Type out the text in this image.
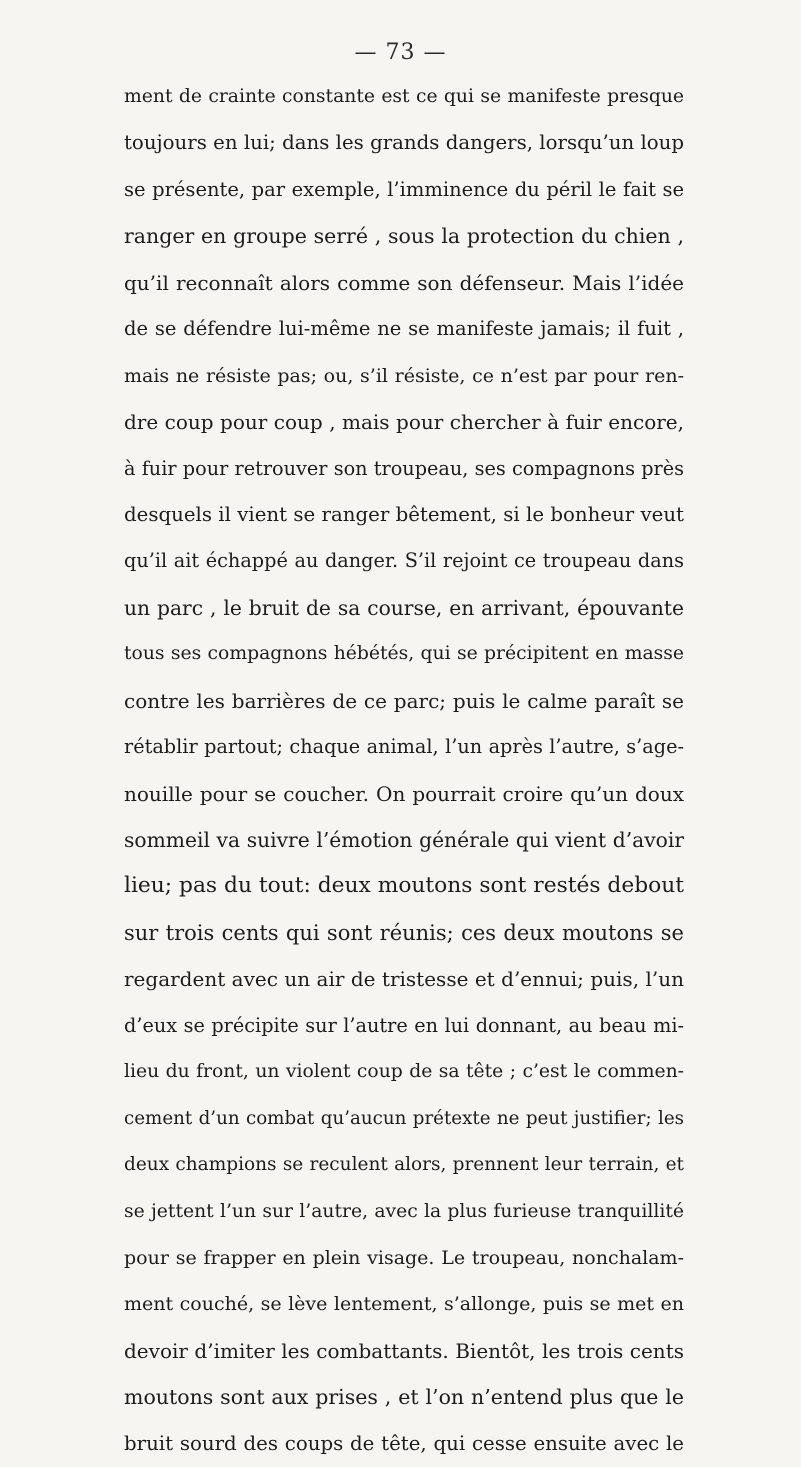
— 73 —
ment de crainte constante est ce qui se manifeste presque
toujours en lui; dans les grands dangers, lorsqu’un loup
se présente, par exemple, l’imminence du péril le fait se
ranger en groupe serré , sous la protection du chien ,
qu’il reconnaît alors comme son défenseur. Mais l’idée
de se défendre lui-même ne se manifeste jamais; il fuit ,
mais ne résiste pas; ou, s’il résiste, ce n’est par pour ren-
dre coup pour coup , mais pour chercher à fuir encore,
à fuir pour retrouver son troupeau, ses compagnons près
desquels il vient se ranger bêtement, si le bonheur veut
qu’il ait échappé au danger. S’il rejoint ce troupeau dans
un parc , le bruit de sa course, en arrivant, épouvante
tous ses compagnons hébétés, qui se précipitent en masse
contre les barrières de ce parc; puis le calme paraît se
rétablir partout; chaque animal, l’un après l’autre, s’age-
nouille pour se coucher. On pourrait croire qu’un doux
sommeil va suivre l’émotion générale qui vient d’avoir
lieu; pas du tout: deux moutons sont restés debout
sur trois cents qui sont réunis; ces deux moutons se
regardent avec un air de tristesse et d’ennui; puis, l’un
d’eux se précipite sur l’autre en lui donnant, au beau mi-
lieu du front, un violent coup de sa tête ; c’est le commen-
cement d’un combat qu’aucun prétexte ne peut justifier; les
deux champions se reculent alors, prennent leur terrain, et
se jettent l’un sur l’autre, avec la plus furieuse tranquillité
pour se frapper en plein visage. Le troupeau, nonchalam-
ment couché, se lève lentement, s’allonge, puis se met en
devoir d’imiter les combattants. Bientôt, les trois cents
moutons sont aux prises , et l’on n’entend plus que le
bruit sourd des coups de tête, qui cesse ensuite avec le
